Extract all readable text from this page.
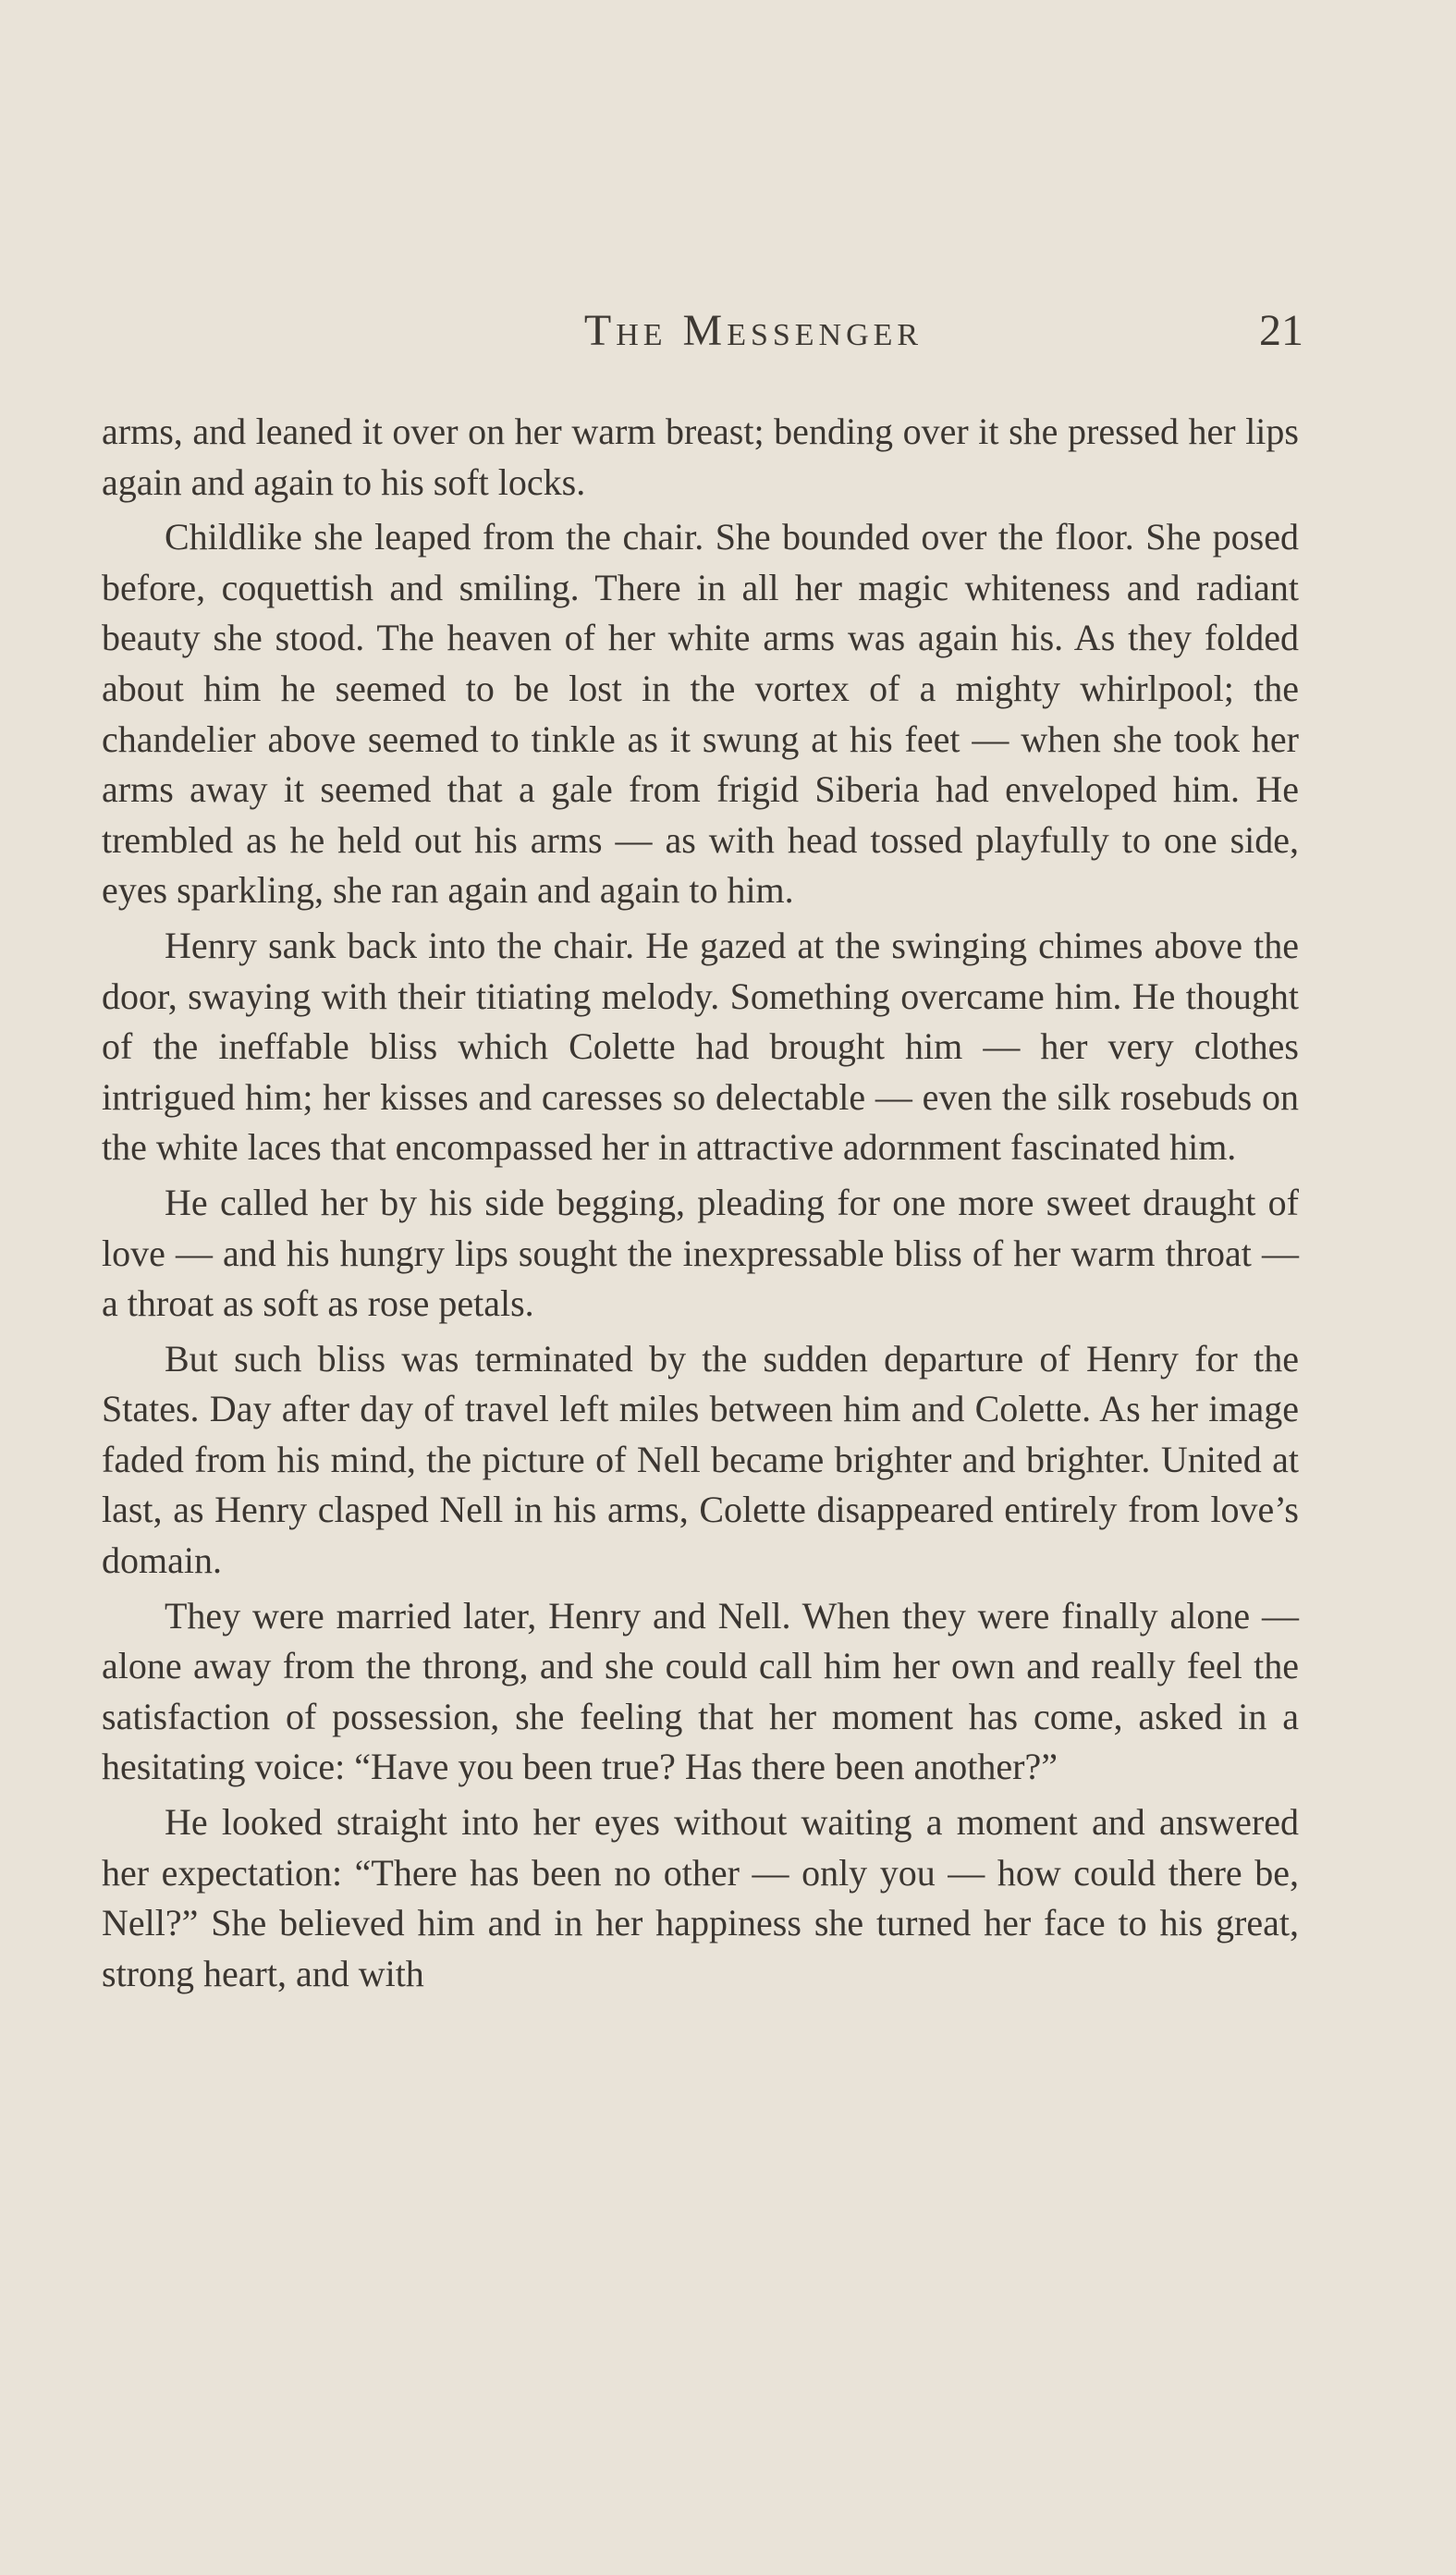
The Messenger	21

arms, and leaned it over on her warm breast; bending over it she pressed her lips again and again to his soft locks.

Childlike she leaped from the chair. She bounded over the floor. She posed before, coquettish and smiling. There in all her magic whiteness and radiant beauty she stood. The heaven of her white arms was again his. As they folded about him he seemed to be lost in the vortex of a mighty whirlpool; the chandelier above seemed to tinkle as it swung at his feet — when she took her arms away it seemed that a gale from frigid Siberia had enveloped him. He trembled as he held out his arms — as with head tossed playfully to one side, eyes sparkling, she ran again and again to him.

Henry sank back into the chair. He gazed at the swinging chimes above the door, swaying with their titiating melody. Something overcame him. He thought of the ineffable bliss which Colette had brought him — her very clothes intrigued him; her kisses and caresses so delectable — even the silk rosebuds on the white laces that encompassed her in attractive adornment fascinated him.

He called her by his side begging, pleading for one more sweet draught of love — and his hungry lips sought the inexpressable bliss of her warm throat — a throat as soft as rose petals.

But such bliss was terminated by the sudden departure of Henry for the States. Day after day of travel left miles between him and Colette. As her image faded from his mind, the picture of Nell became brighter and brighter. United at last, as Henry clasped Nell in his arms, Colette disappeared entirely from love’s domain.

They were married later, Henry and Nell. When they were finally alone — alone away from the throng, and she could call him her own and really feel the satisfaction of possession, she feeling that her moment has come, asked in a hesitating voice: “Have you been true? Has there been another?”

He looked straight into her eyes without waiting a moment and answered her expectation: “There has been no other — only you — how could there be, Nell?” She believed him and in her happiness she turned her face to his great, strong heart, and with
